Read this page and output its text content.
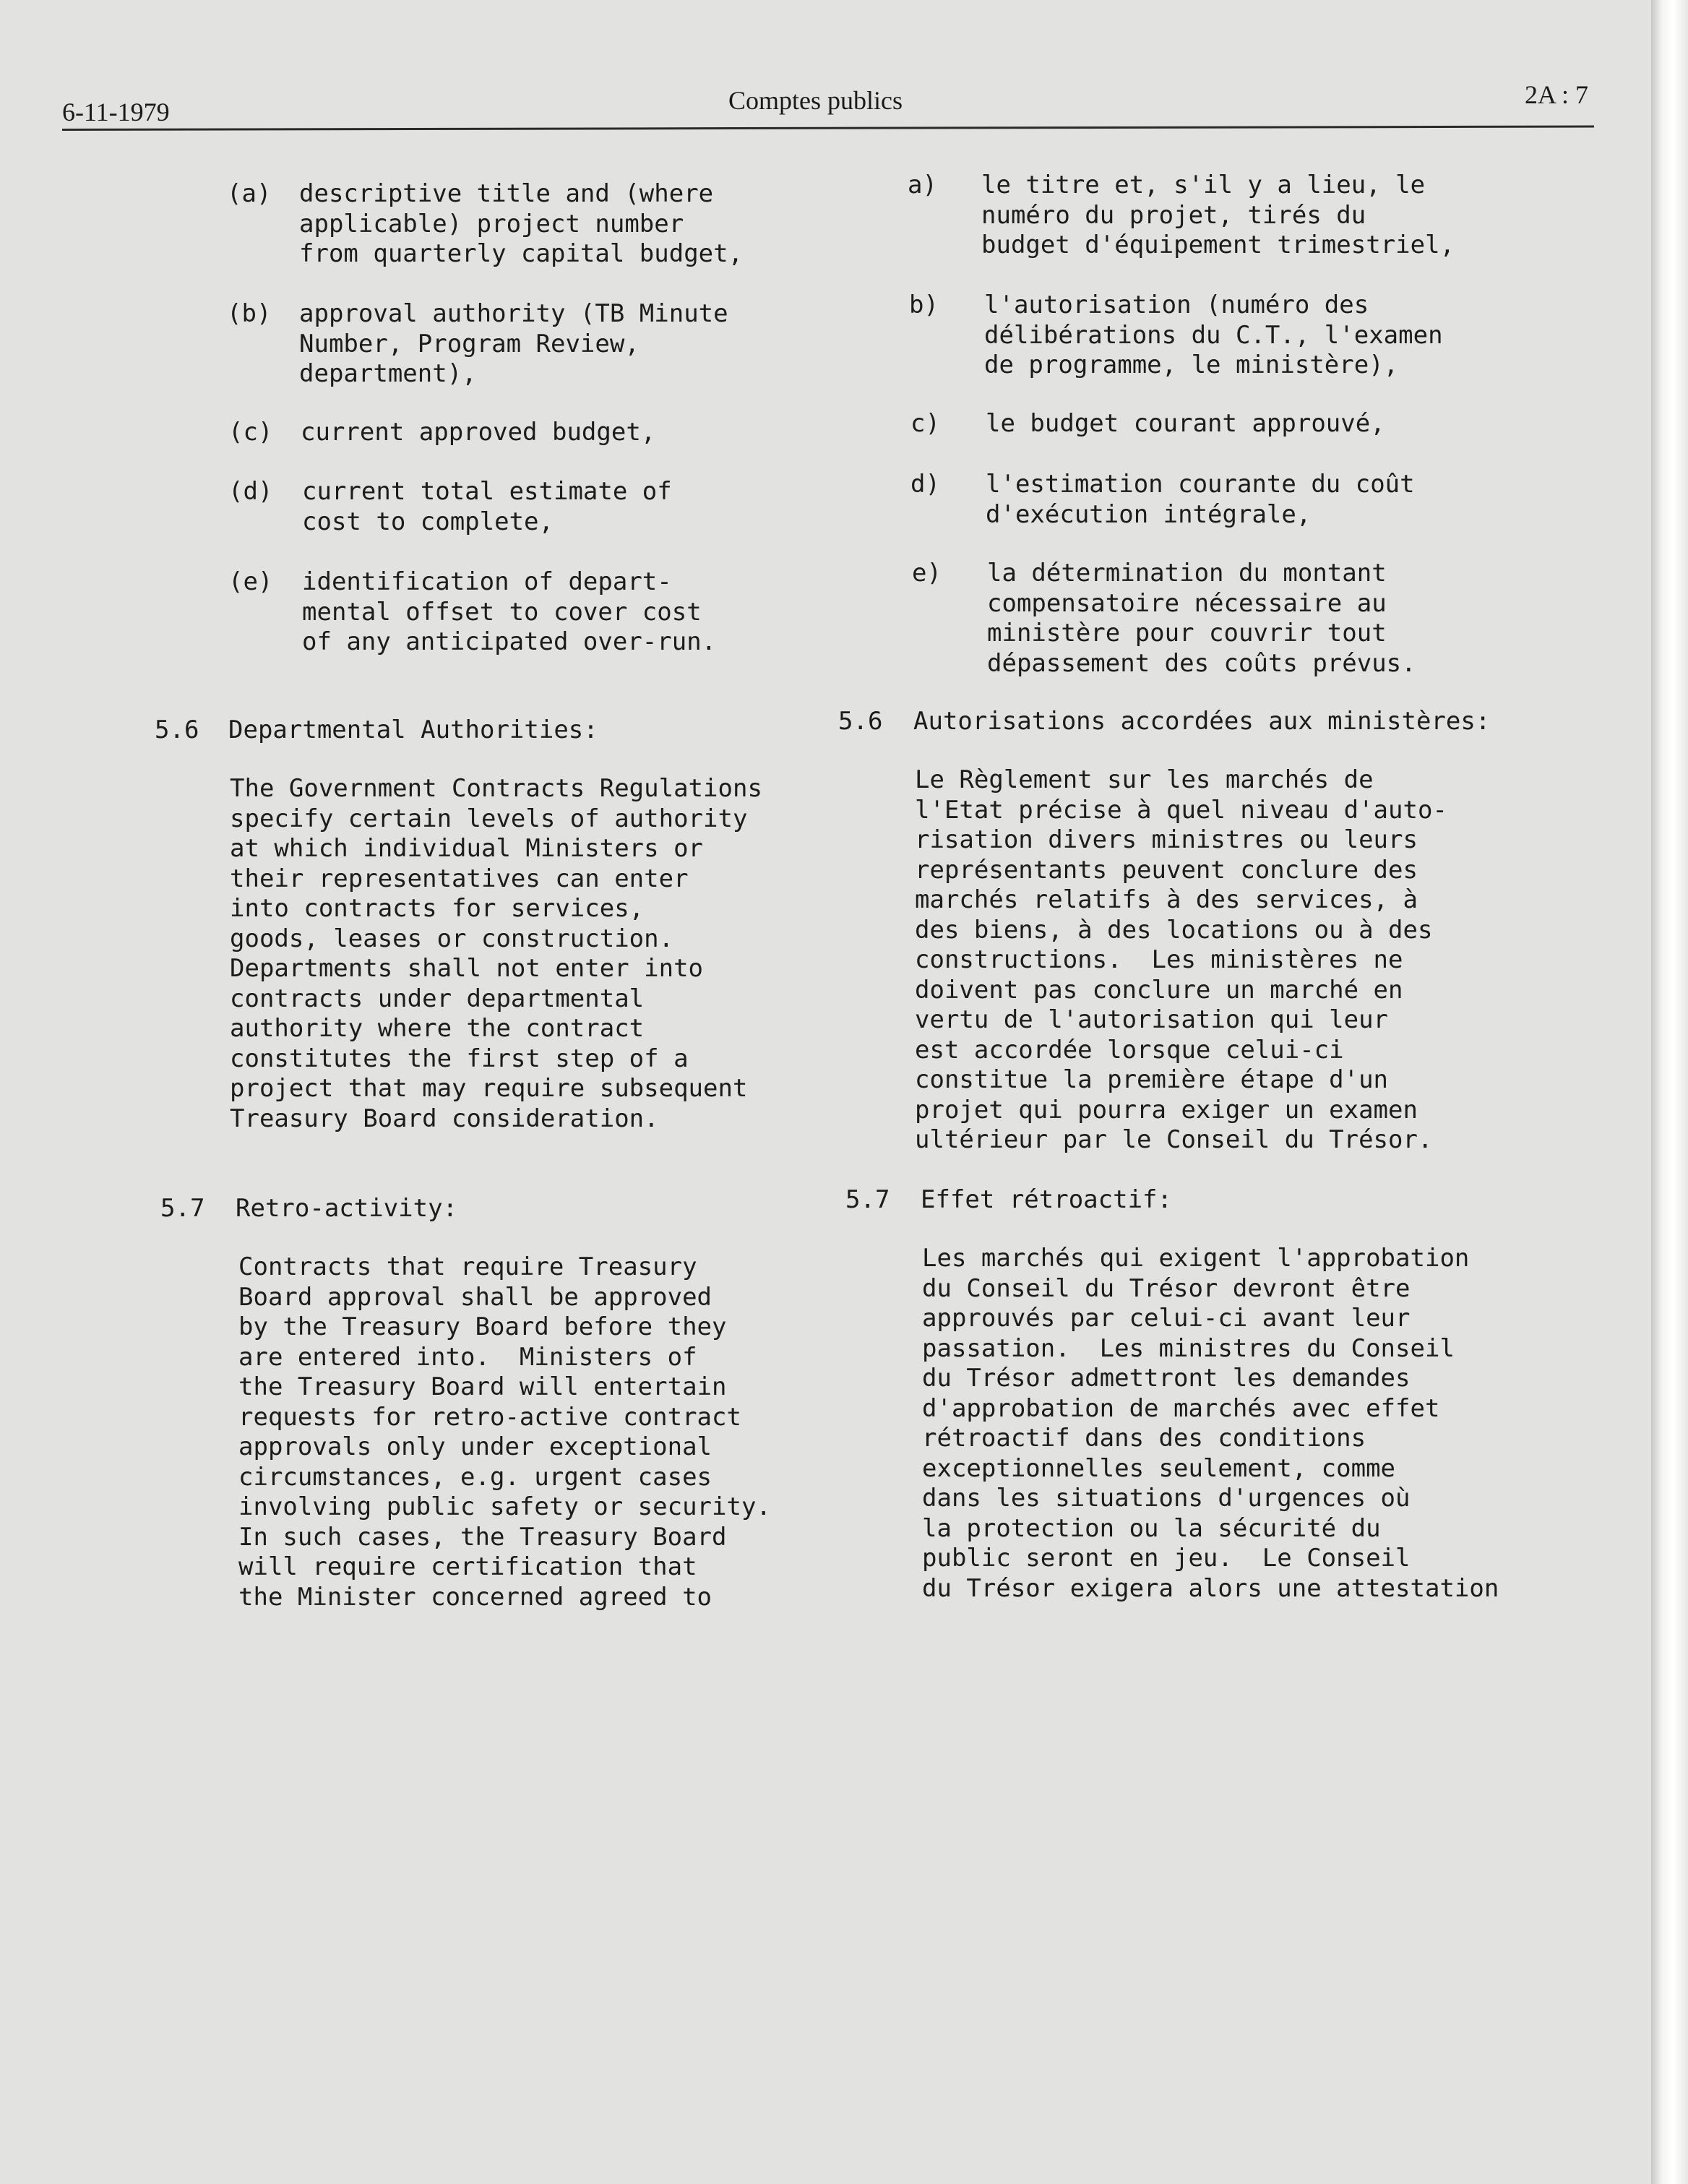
6-11-1979	Comptes publics	2A : 7

(a) descriptive title and (where
applicable) project number
from quarterly capital budget,

(b) approval authority (TB Minute
Number, Program Review,
department),

(c) current approved budget,

(d) current total estimate of
cost to complete,

(e) identification of depart-
mental offset to cover cost
of any anticipated over-run.

5.6 Departmental Authorities:

The Government Contracts Regulations
specify certain levels of authority
at which individual Ministers or
their representatives can enter
into contracts for services,
goods, leases or construction.
Departments shall not enter into
contracts under departmental
authority where the contract
constitutes the first step of a
project that may require subsequent
Treasury Board consideration.

5.7 Retro-activity:

Contracts that require Treasury
Board approval shall be approved
by the Treasury Board before they
are entered into.  Ministers of
the Treasury Board will entertain
requests for retro-active contract
approvals only under exceptional
circumstances, e.g. urgent cases
involving public safety or security.
In such cases, the Treasury Board
will require certification that
the Minister concerned agreed to

a) le titre et, s'il y a lieu, le
numéro du projet, tirés du
budget d'équipement trimestriel,

b) l'autorisation (numéro des
délibérations du C.T., l'examen
de programme, le ministère),

c) le budget courant approuvé,

d) l'estimation courante du coût
d'exécution intégrale,

e) la détermination du montant
compensatoire nécessaire au
ministère pour couvrir tout
dépassement des coûts prévus.

5.6 Autorisations accordées aux ministères:

Le Règlement sur les marchés de
l'Etat précise à quel niveau d'auto-
risation divers ministres ou leurs
représentants peuvent conclure des
marchés relatifs à des services, à
des biens, à des locations ou à des
constructions.  Les ministères ne
doivent pas conclure un marché en
vertu de l'autorisation qui leur
est accordée lorsque celui-ci
constitue la première étape d'un
projet qui pourra exiger un examen
ultérieur par le Conseil du Trésor.

5.7 Effet rétroactif:

Les marchés qui exigent l'approbation
du Conseil du Trésor devront être
approuvés par celui-ci avant leur
passation.  Les ministres du Conseil
du Trésor admettront les demandes
d'approbation de marchés avec effet
rétroactif dans des conditions
exceptionnelles seulement, comme
dans les situations d'urgences où
la protection ou la sécurité du
public seront en jeu.  Le Conseil
du Trésor exigera alors une attestation
